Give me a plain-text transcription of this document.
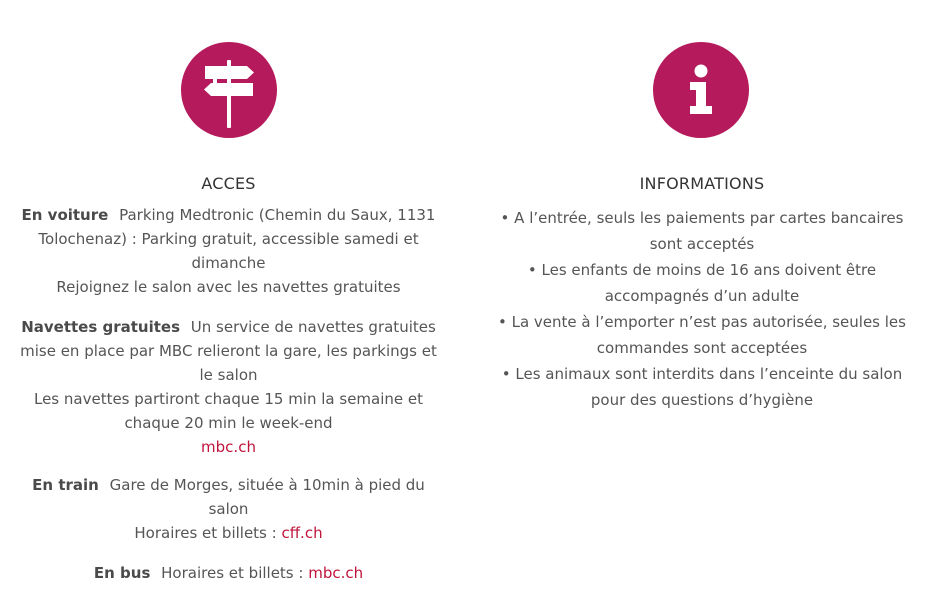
ACCES

En voiture Parking Medtronic (Chemin du Saux, 1131 Tolochenaz) : Parking gratuit, accessible samedi et dimanche

Rejoignez le salon avec les navettes gratuites

Navettes gratuites Un service de navettes gratuites mise en place par MBC relieront la gare, les parkings et le salon

Les navettes partiront chaque 15 min la semaine et chaque 20 min le week-end

mbc.ch

En train Gare de Morges, située à 10min à pied du salon

Horaires et billets : cff.ch

En bus Horaires et billets : mbc.ch

INFORMATIONS
• A l’entrée, seuls les paiements par cartes bancaires sont acceptés
• Les enfants de moins de 16 ans doivent être accompagnés d’un adulte
• La vente à l’emporter n’est pas autorisée, seules les commandes sont acceptées
• Les animaux sont interdits dans l’enceinte du salon pour des questions d’hygiène
